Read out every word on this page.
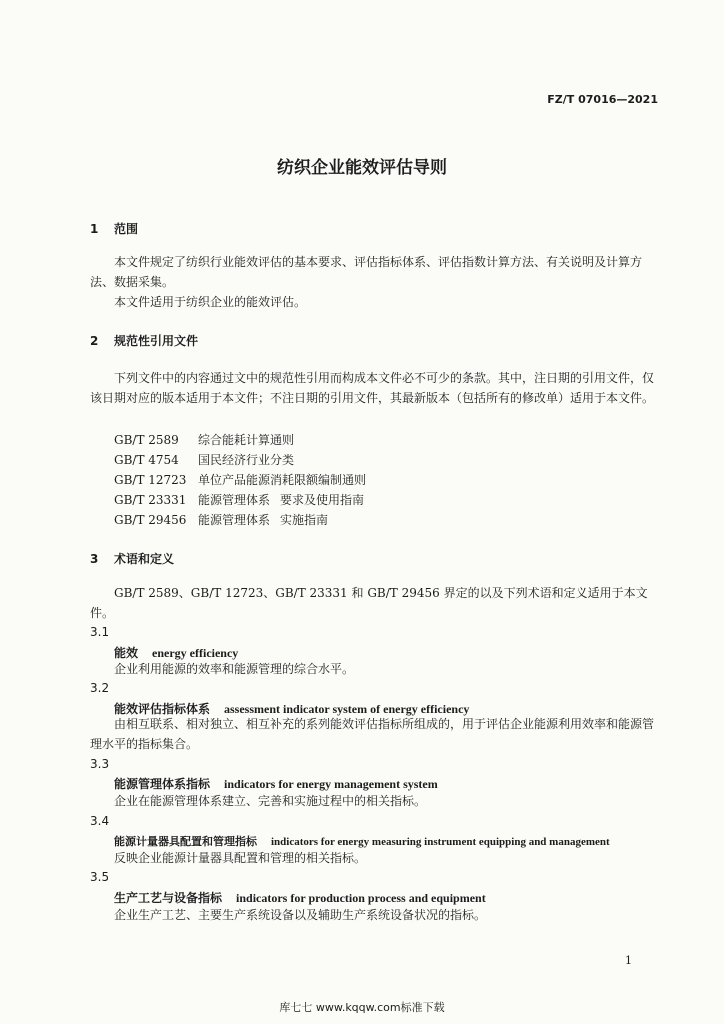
FZ/T 07016—2021
纺织企业能效评估导则
1 范围
本文件规定了纺织行业能效评估的基本要求、评估指标体系、评估指数计算方法、有关说明及计算方法、数据采集。
本文件适用于纺织企业的能效评估。
2 规范性引用文件
下列文件中的内容通过文中的规范性引用而构成本文件必不可少的条款。其中，注日期的引用文件，仅该日期对应的版本适用于本文件；不注日期的引用文件，其最新版本（包括所有的修改单）适用于本文件。
GB/T 2589 综合能耗计算通则
GB/T 4754 国民经济行业分类
GB/T 12723 单位产品能源消耗限额编制通则
GB/T 23331 能源管理体系 要求及使用指南
GB/T 29456 能源管理体系 实施指南
3 术语和定义
GB/T 2589、GB/T 12723、GB/T 23331 和 GB/T 29456 界定的以及下列术语和定义适用于本文件。
3.1
能效 energy efficiency
企业利用能源的效率和能源管理的综合水平。
3.2
能效评估指标体系 assessment indicator system of energy efficiency
由相互联系、相对独立、相互补充的系列能效评估指标所组成的，用于评估企业能源利用效率和能源管理水平的指标集合。
3.3
能源管理体系指标 indicators for energy management system
企业在能源管理体系建立、完善和实施过程中的相关指标。
3.4
能源计量器具配置和管理指标 indicators for energy measuring instrument equipping and management
反映企业能源计量器具配置和管理的相关指标。
3.5
生产工艺与设备指标 indicators for production process and equipment
企业生产工艺、主要生产系统设备以及辅助生产系统设备状况的指标。
1
库七七 www.kqqw.com标准下载
